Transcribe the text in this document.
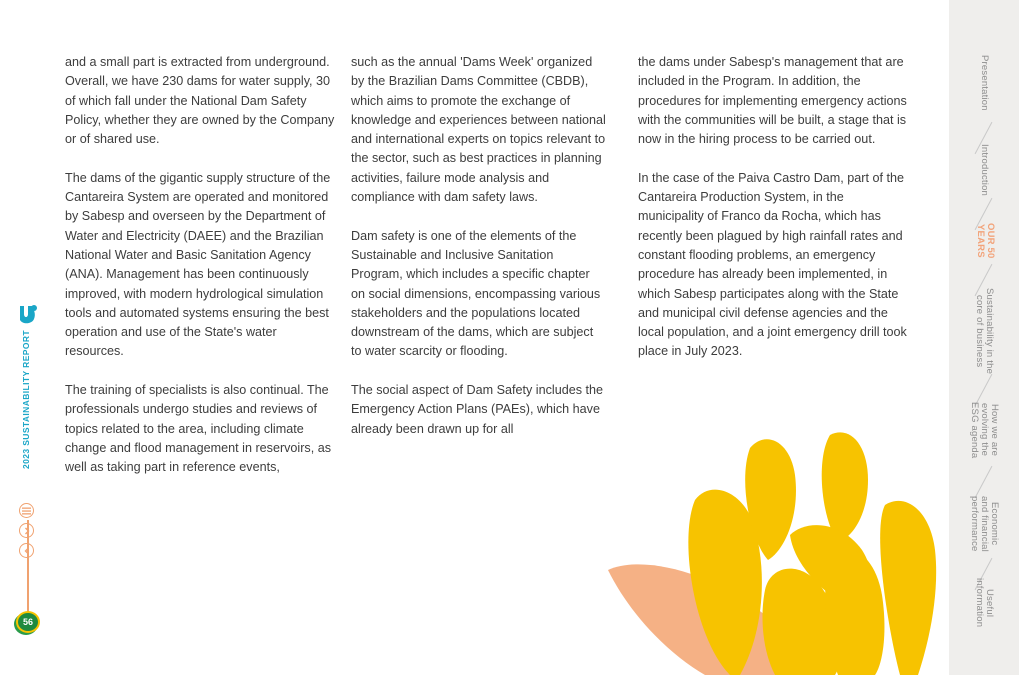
and a small part is extracted from underground. Overall, we have 230 dams for water supply, 30 of which fall under the National Dam Safety Policy, whether they are owned by the Company or of shared use.

The dams of the gigantic supply structure of the Cantareira System are operated and monitored by Sabesp and overseen by the Department of Water and Electricity (DAEE) and the Brazilian National Water and Basic Sanitation Agency (ANA). Management has been continuously improved, with modern hydrological simulation tools and automated systems ensuring the best operation and use of the State's water resources.

The training of specialists is also continual. The professionals undergo studies and reviews of topics related to the area, including climate change and flood management in reservoirs, as well as taking part in reference events,

such as the annual 'Dams Week' organized by the Brazilian Dams Committee (CBDB), which aims to promote the exchange of knowledge and experiences between national and international experts on topics relevant to the sector, such as best practices in planning activities, failure mode analysis and compliance with dam safety laws.

Dam safety is one of the elements of the Sustainable and Inclusive Sanitation Program, which includes a specific chapter on social dimensions, encompassing various stakeholders and the populations located downstream of the dams, which are subject to water scarcity or flooding.

The social aspect of Dam Safety includes the Emergency Action Plans (PAEs), which have already been drawn up for all

the dams under Sabesp's management that are included in the Program. In addition, the procedures for implementing emergency actions with the communities will be built, a stage that is now in the hiring process to be carried out.

In the case of the Paiva Castro Dam, part of the Cantareira Production System, in the municipality of Franco da Rocha, which has recently been plagued by high rainfall rates and constant flooding problems, an emergency procedure has already been implemented, in which Sabesp participates along with the State and municipal civil defense agencies and the local population, and a joint emergency drill took place in July 2023.

2023 SUSTAINABILITY REPORT
56
Presentation
Introduction
OUR 50 YEARS
Sustainability in the core of business
How we are evolving the ESG agenda
Economic and financial performance
Useful information
